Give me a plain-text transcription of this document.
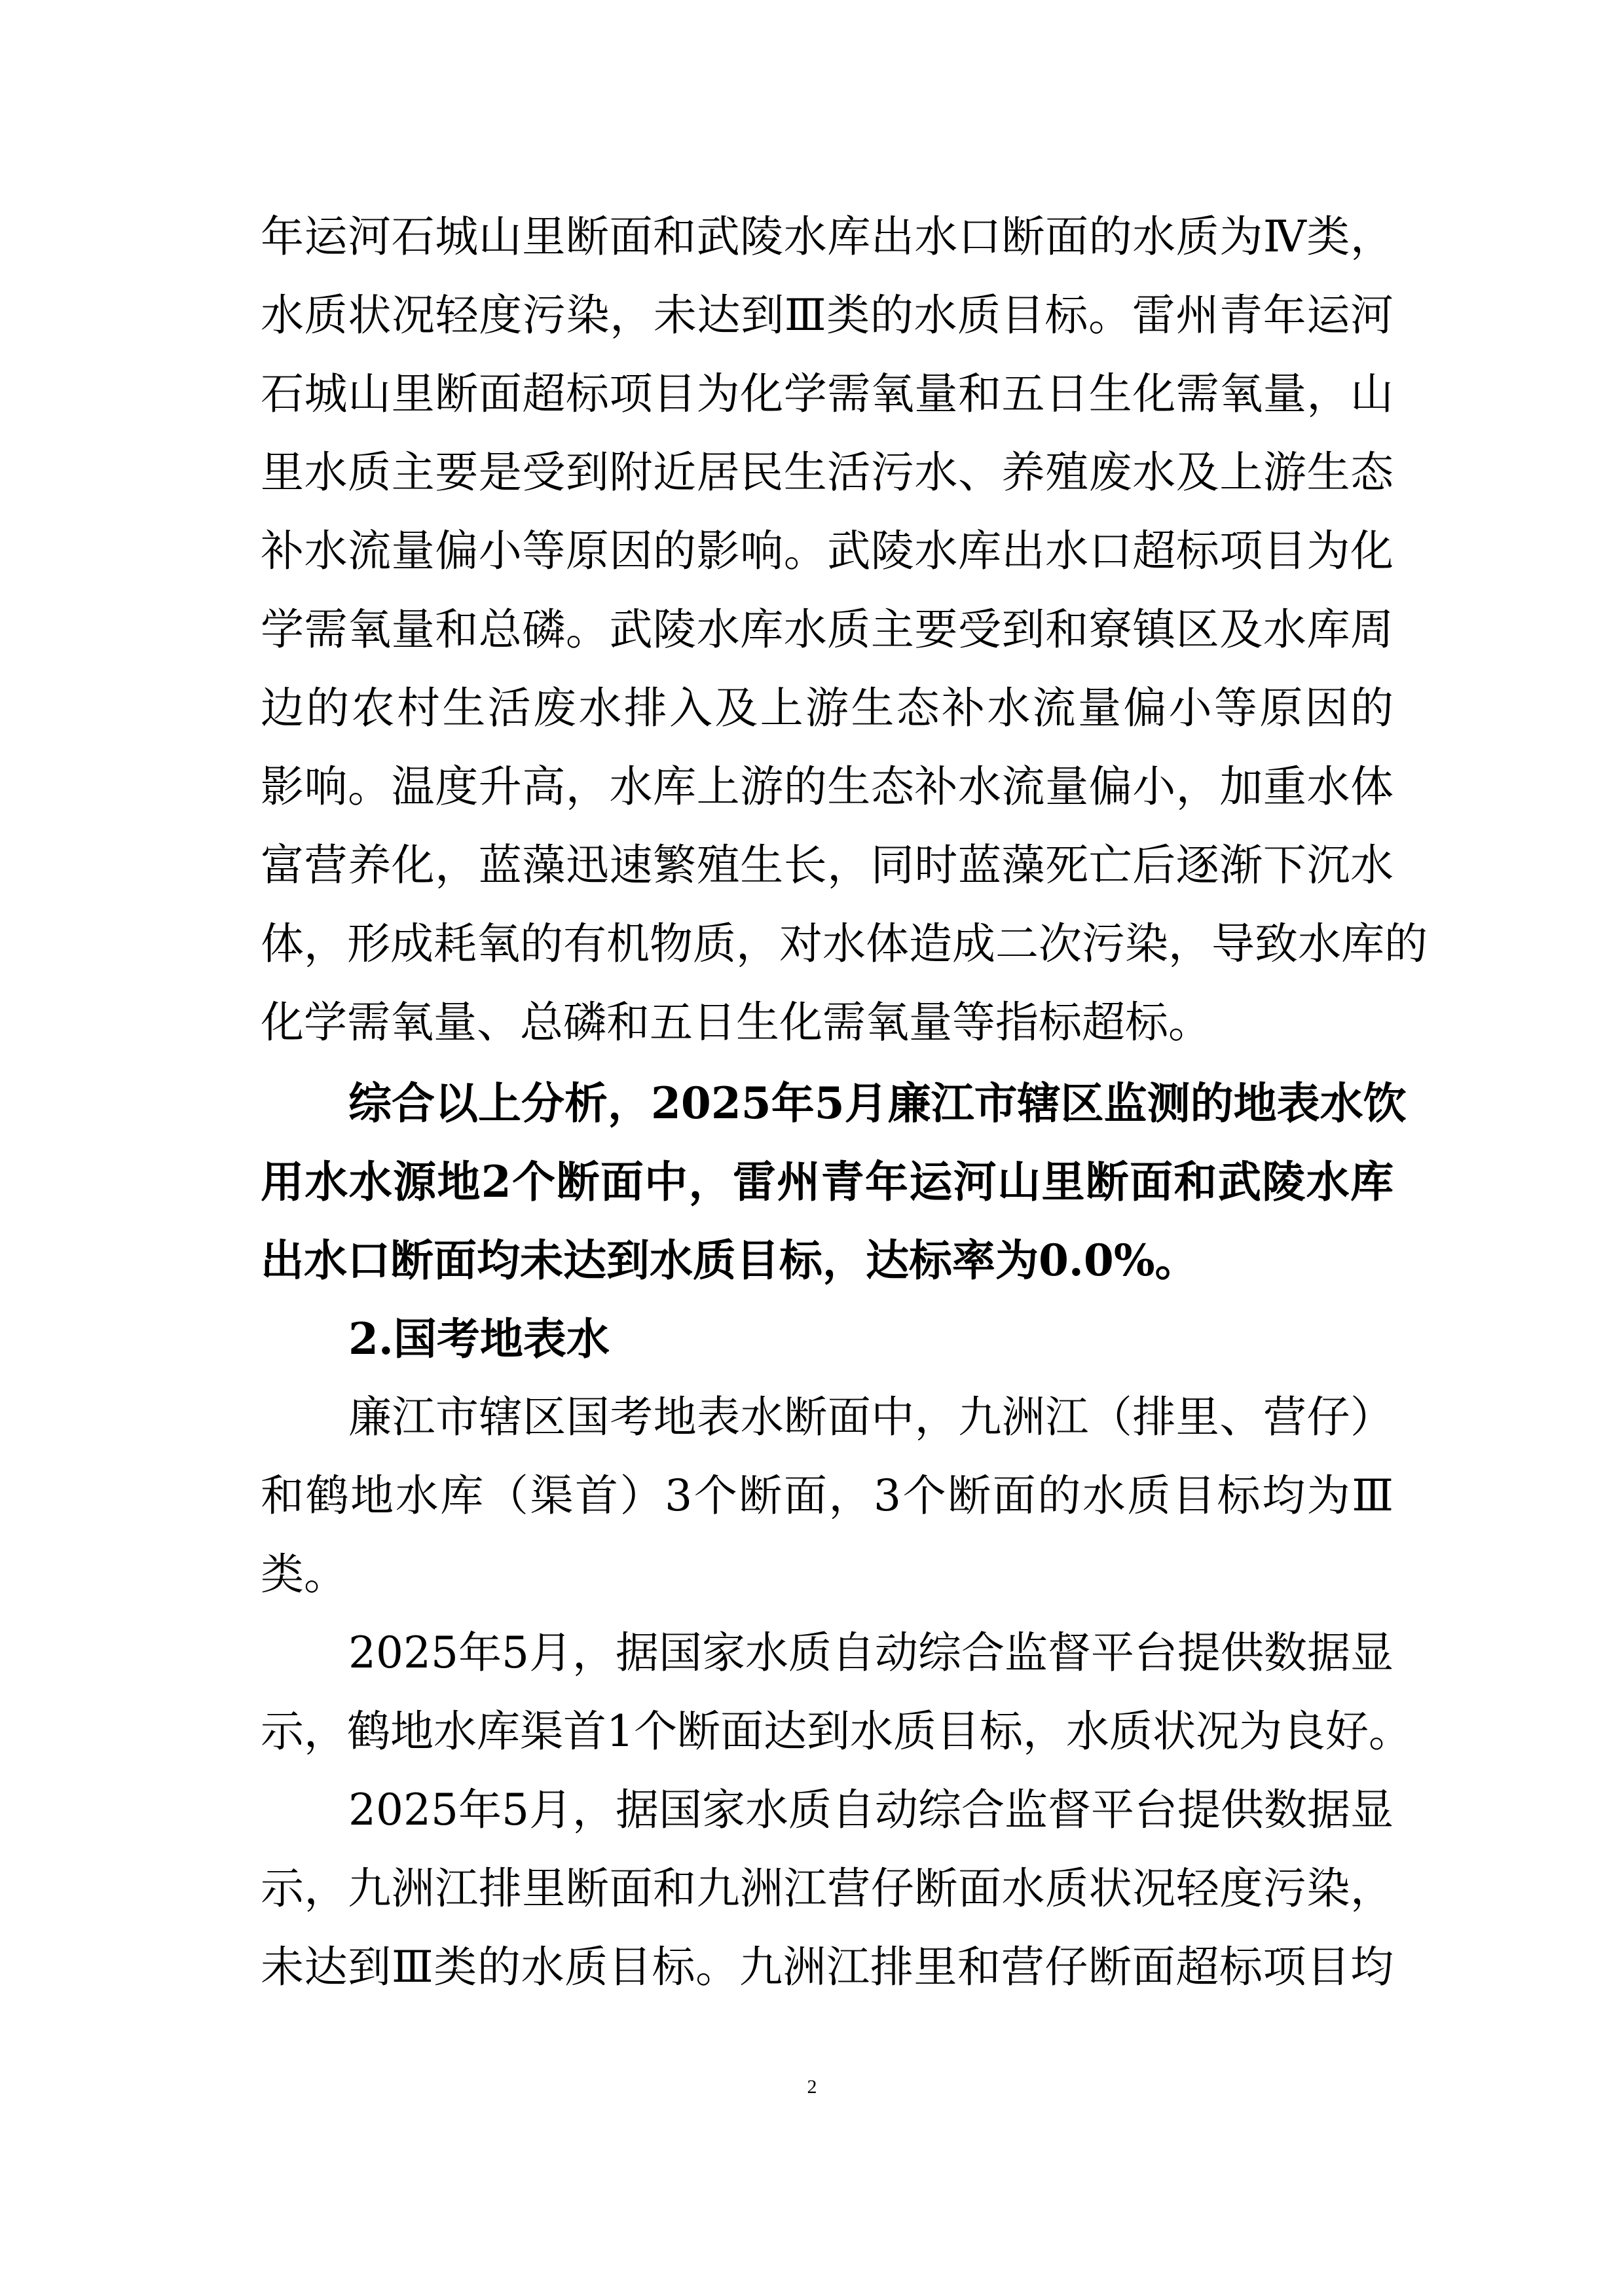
年运河石城山里断面和武陵水库出水口断面的水质为Ⅳ类，
水质状况轻度污染，未达到Ⅲ类的水质目标。雷州青年运河
石城山里断面超标项目为化学需氧量和五日生化需氧量，山
里水质主要是受到附近居民生活污水、养殖废水及上游生态
补水流量偏小等原因的影响。武陵水库出水口超标项目为化
学需氧量和总磷。武陵水库水质主要受到和寮镇区及水库周
边的农村生活废水排入及上游生态补水流量偏小等原因的
影响。温度升高，水库上游的生态补水流量偏小，加重水体
富营养化，蓝藻迅速繁殖生长，同时蓝藻死亡后逐渐下沉水
体，形成耗氧的有机物质，对水体造成二次污染，导致水库的
化学需氧量、总磷和五日生化需氧量等指标超标。
综合以上分析，2025年5月廉江市辖区监测的地表水饮
用水水源地2个断面中，雷州青年运河山里断面和武陵水库
出水口断面均未达到水质目标，达标率为0.0%。
2.国考地表水
廉江市辖区国考地表水断面中，九洲江（排里、营仔）
和鹤地水库（渠首）3个断面，3个断面的水质目标均为Ⅲ
类。
2025年5月，据国家水质自动综合监督平台提供数据显
示，鹤地水库渠首1个断面达到水质目标，水质状况为良好。
2025年5月，据国家水质自动综合监督平台提供数据显
示，九洲江排里断面和九洲江营仔断面水质状况轻度污染，
未达到Ⅲ类的水质目标。九洲江排里和营仔断面超标项目均
2
